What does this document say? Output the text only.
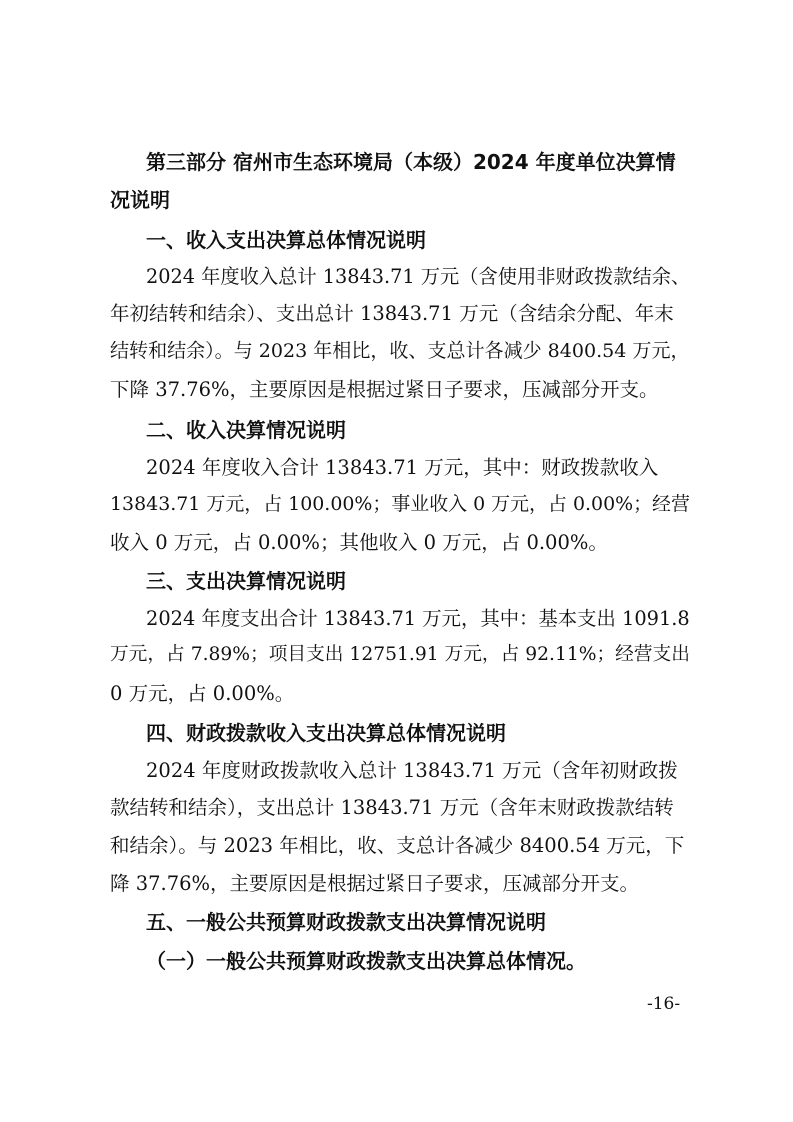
第三部分 宿州市生态环境局（本级）2024 年度单位决算情
况说明
一、收入支出决算总体情况说明
2024 年度收入总计 13843.71 万元（含使用非财政拨款结余、
年初结转和结余）、支出总计 13843.71 万元（含结余分配、年末
结转和结余）。与 2023 年相比，收、支总计各减少 8400.54 万元，
下降 37.76%，主要原因是根据过紧日子要求，压减部分开支。
二、收入决算情况说明
2024 年度收入合计 13843.71 万元，其中：财政拨款收入
13843.71 万元，占 100.00%；事业收入 0 万元，占 0.00%；经营
收入 0 万元，占 0.00%；其他收入 0 万元，占 0.00%。
三、支出决算情况说明
2024 年度支出合计 13843.71 万元，其中：基本支出 1091.8
万元，占 7.89%；项目支出 12751.91 万元，占 92.11%；经营支出
0 万元，占 0.00%。
四、财政拨款收入支出决算总体情况说明
2024 年度财政拨款收入总计 13843.71 万元（含年初财政拨
款结转和结余），支出总计 13843.71 万元（含年末财政拨款结转
和结余）。与 2023 年相比，收、支总计各减少 8400.54 万元，下
降 37.76%，主要原因是根据过紧日子要求，压减部分开支。
五、一般公共预算财政拨款支出决算情况说明
（一）一般公共预算财政拨款支出决算总体情况。
-16-
